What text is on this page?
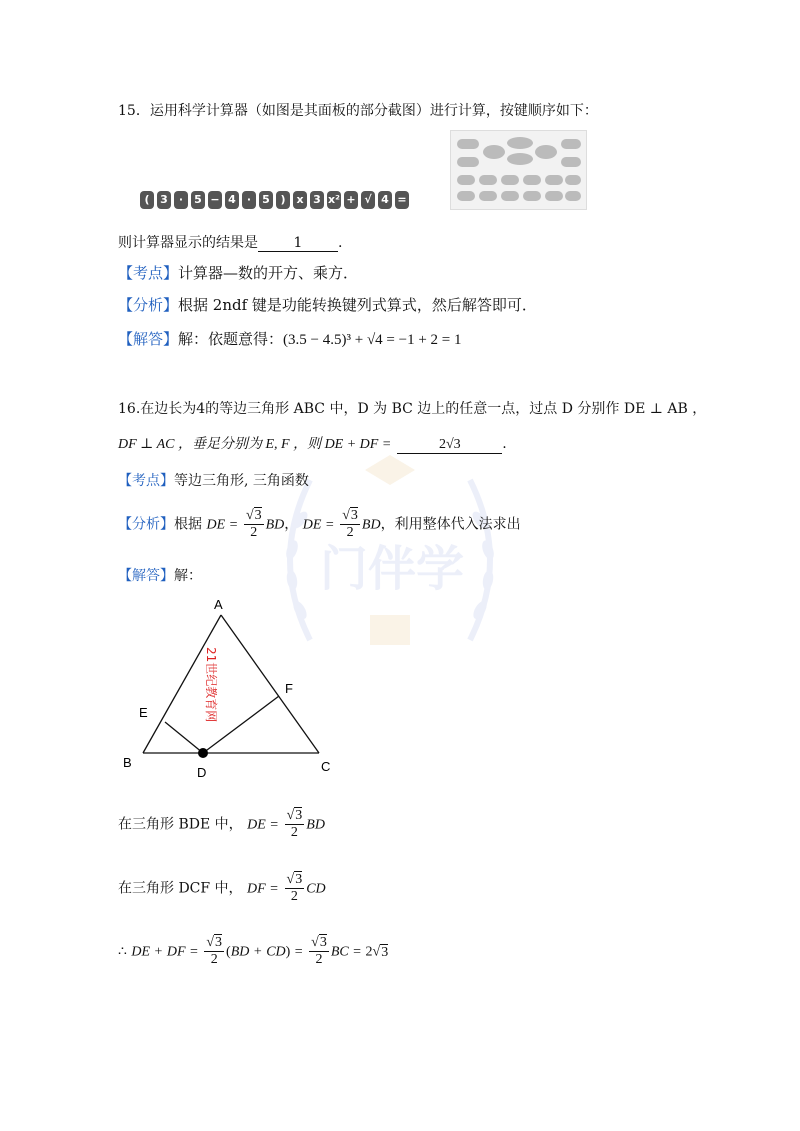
门伴学
15．运用科学计算器（如图是其面板的部分截图）进行计算，按键顺序如下：
( 3 · 5 − 4 · 5 ) x 3 x² + √ 4 =
则计算器显示的结果是	1	.
【考点】计算器—数的开方、乘方．
【分析】根据 2ndf 键是功能转换键列式算式，然后解答即可．
【解答】解：依题意得：(3.5 − 4.5)³ + √4 = −1 + 2 = 1
16.在边长为4的等边三角形 ABC 中，D 为 BC 边上的任意一点，过点 D 分别作 DE ⊥ AB ，
DF ⊥ AC ，垂足分别为 E, F ，则 DE + DF =	2√3	.
【考点】等边三角形, 三角函数
【分析】根据 DE = $\frac{√3}{2}$ BD， DE = $\frac{√3}{2}$ BD，利用整体代入法求出
【解答】解：
A
B	C
D
E
F
21世纪教育网
在三角形 BDE 中， DE = $\frac{√3}{2}$ BD
在三角形 DCF 中， DF = $\frac{√3}{2}$ CD
∴ DE + DF = $\frac{√3}{2} (BD + CD) = \frac{√3}{2}$ BC = 2√3
